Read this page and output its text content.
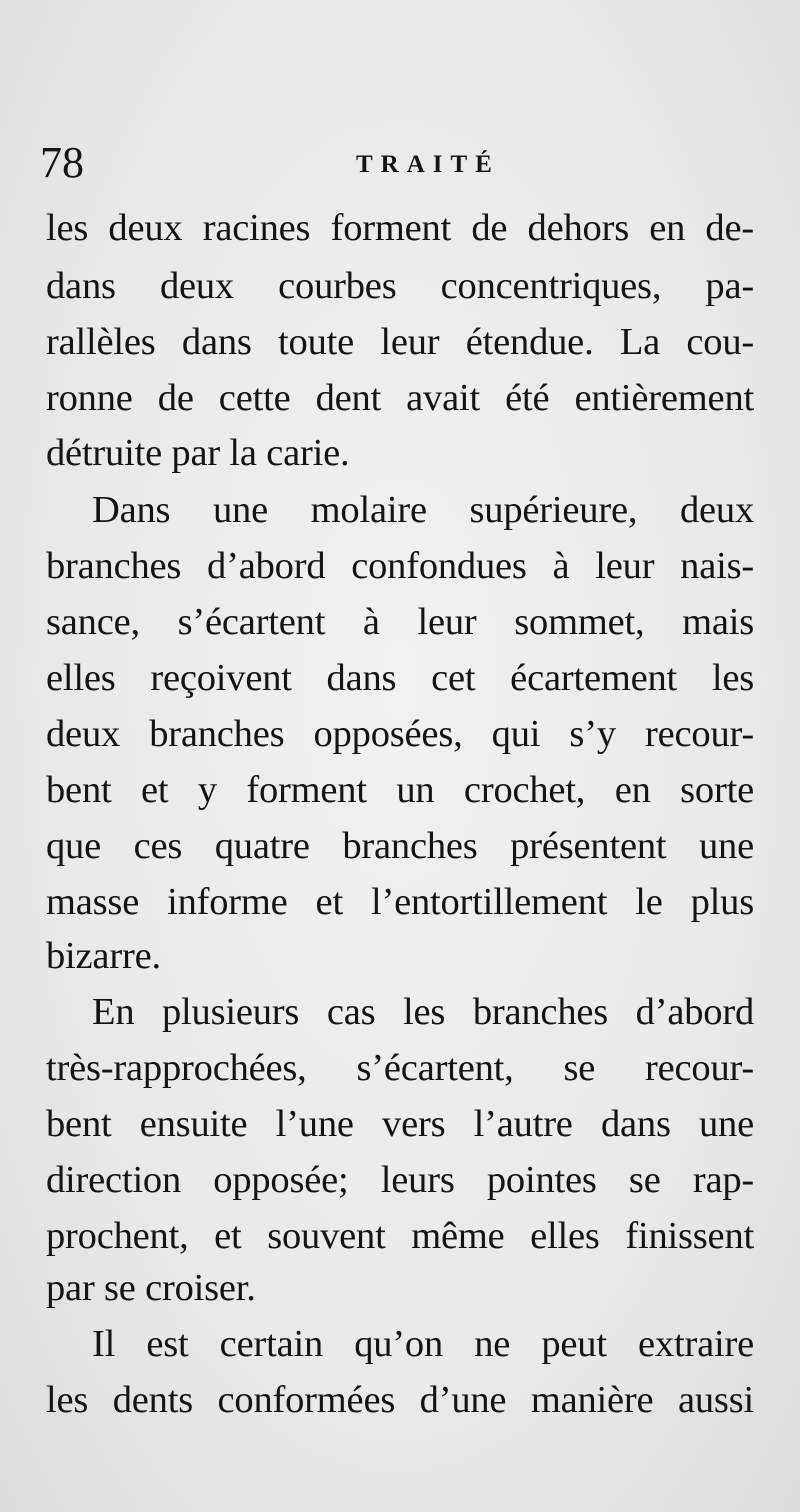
78	TRAITÉ
les deux racines forment de dehors en de-
dans deux courbes concentriques, pa-
rallèles dans toute leur étendue. La cou-
ronne de cette dent avait été entièrement
détruite par la carie.
Dans une molaire supérieure, deux
branches d’abord confondues à leur nais-
sance, s’écartent à leur sommet, mais
elles reçoivent dans cet écartement les
deux branches opposées, qui s’y recour-
bent et y forment un crochet, en sorte
que ces quatre branches présentent une
masse informe et l’entortillement le plus
bizarre.
En plusieurs cas les branches d’abord
très-rapprochées, s’écartent, se recour-
bent ensuite l’une vers l’autre dans une
direction opposée; leurs pointes se rap-
prochent, et souvent même elles finissent
par se croiser.
Il est certain qu’on ne peut extraire
les dents conformées d’une manière aussi
